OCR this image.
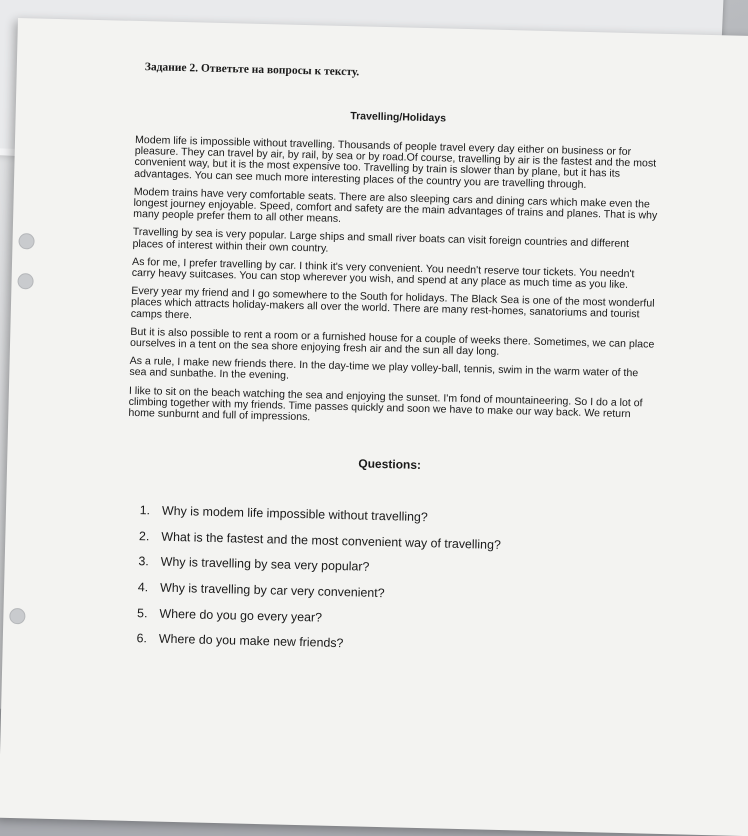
Задание 2. Ответьте на вопросы к тексту.
Travelling/Holidays

Modem life is impossible without travelling. Thousands of people travel every day either on business or for pleasure. They can travel by air, by rail, by sea or by road.Of course, travelling by air is the fastest and the most convenient way, but it is the most expensive too. Travelling by train is slower than by plane, but it has its advantages. You can see much more interesting places of the country you are travelling through.

Modem trains have very comfortable seats. There are also sleeping cars and dining cars which make even the longest journey enjoyable. Speed, comfort and safety are the main advantages of trains and planes. That is why many people prefer them to all other means.

Travelling by sea is very popular. Large ships and small river boats can visit foreign countries and different places of interest within their own country.

As for me, I prefer travelling by car. I think it's very convenient. You needn't reserve tour tickets. You needn't carry heavy suitcases. You can stop wherever you wish, and spend at any place as much time as you like.

Every year my friend and I go somewhere to the South for holidays. The Black Sea is one of the most wonderful places which attracts holiday-makers all over the world. There are many rest-homes, sanatoriums and tourist camps there.

But it is also possible to rent a room or a furnished house for a couple of weeks there. Sometimes, we can place ourselves in a tent on the sea shore enjoying fresh air and the sun all day long.

As a rule, I make new friends there. In the day-time we play volley-ball, tennis, swim in the warm water of the sea and sunbathe. In the evening.

I like to sit on the beach watching the sea and enjoying the sunset. I'm fond of mountaineering. So I do a lot of climbing together with my friends. Time passes quickly and soon we have to make our way back. We return home sunburnt and full of impressions.

Questions:
1. Why is modem life impossible without travelling?
2. What is the fastest and the most convenient way of travelling?
3. Why is travelling by sea very popular?
4. Why is travelling by car very convenient?
5. Where do you go every year?
6. Where do you make new friends?
